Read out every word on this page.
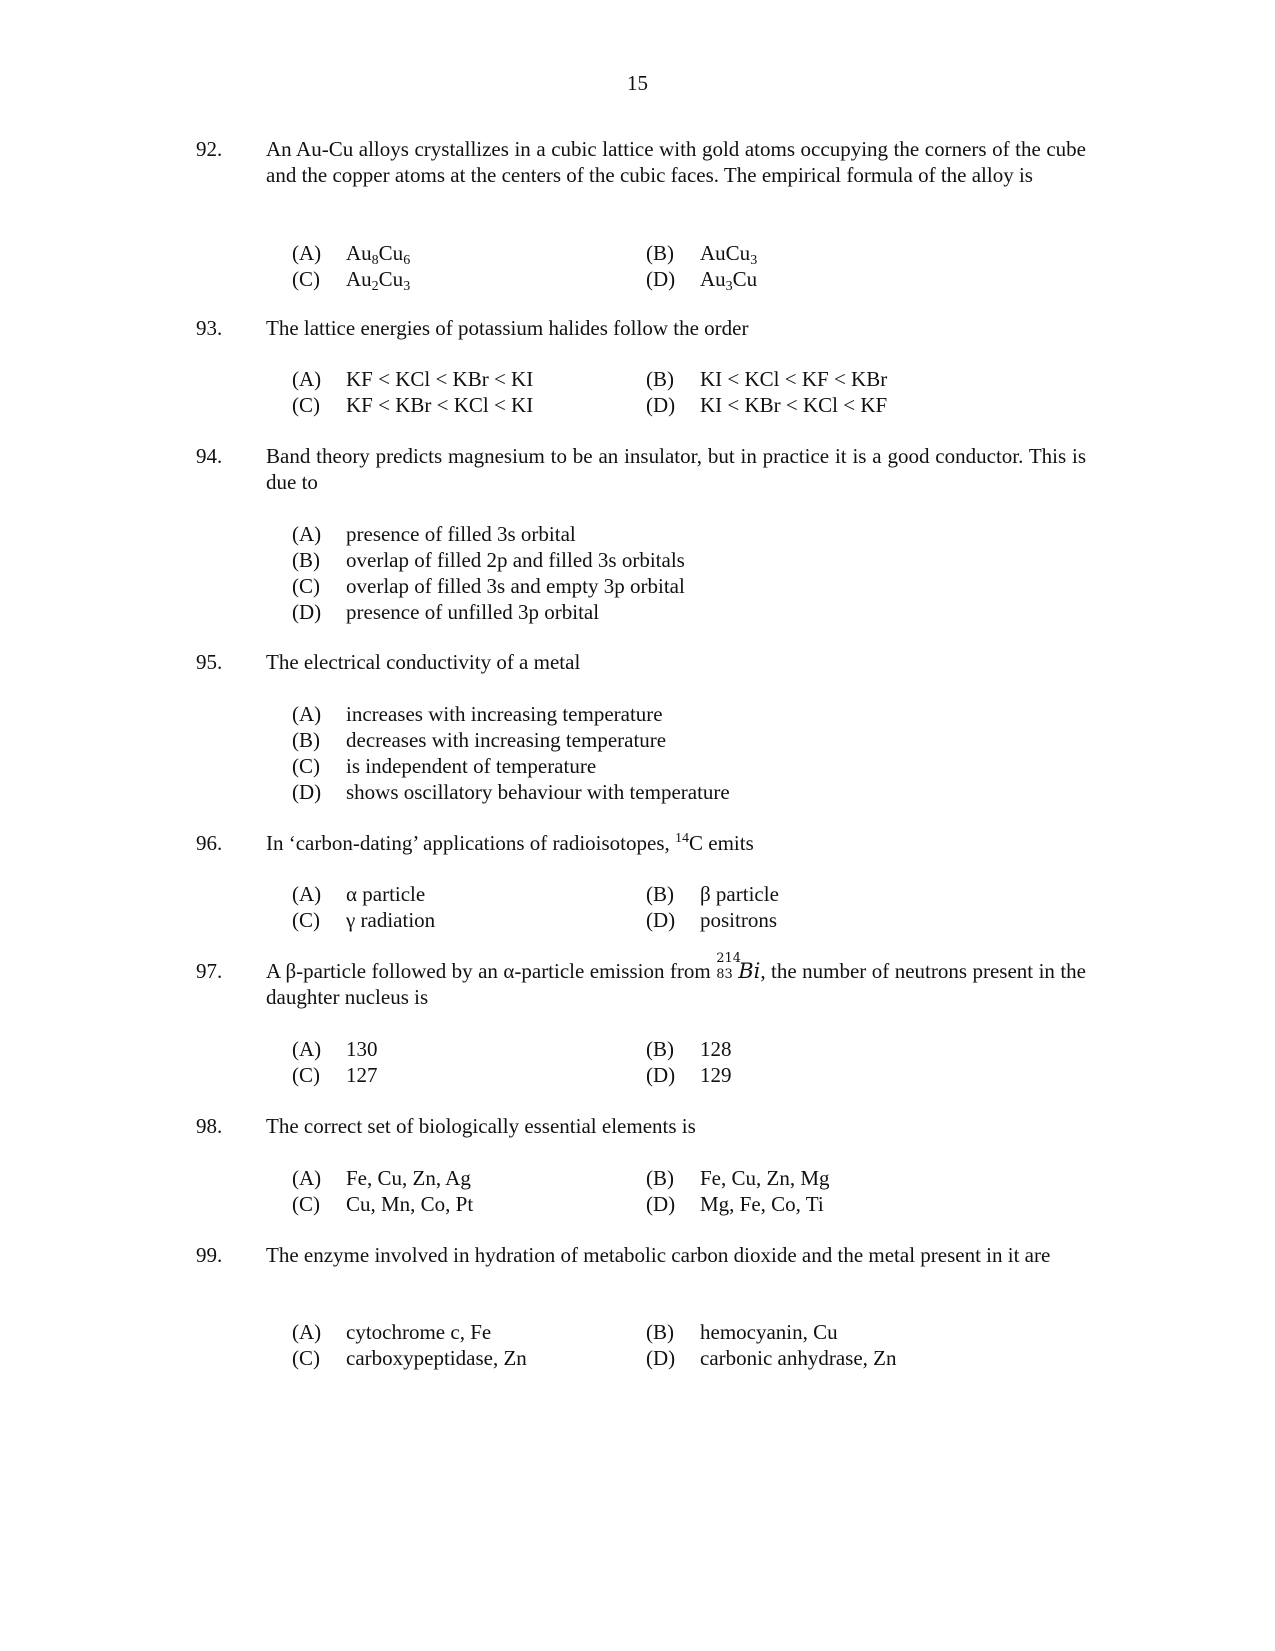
15
92.	An Au-Cu alloys crystallizes in a cubic lattice with gold atoms occupying the corners of the cube and the copper atoms at the centers of the cubic faces. The empirical formula of the alloy is
(A) $Au_8Cu_6$	(B) AuCu$_3$
(C) $Au_2Cu_3$	(D) $Au_3Cu$
93.	The lattice energies of potassium halides follow the order
(A) KF < KCl < KBr < KI	(B) KI < KCl < KF < KBr
(C) KF < KBr < KCl < KI	(D) KI < KBr < KCl < KF
94.	Band theory predicts magnesium to be an insulator, but in practice it is a good conductor. This is due to
(A) presence of filled 3s orbital
(B) overlap of filled 2p and filled 3s orbitals
(C) overlap of filled 3s and empty 3p orbital
(D) presence of unfilled 3p orbital
95.	The electrical conductivity of a metal
(A) increases with increasing temperature
(B) decreases with increasing temperature
(C) is independent of temperature
(D) shows oscillatory behaviour with temperature
96.	In ‘carbon-dating’ applications of radioisotopes, $^{14}$C emits
(A) α particle	(B) β particle
(C) γ radiation	(D) positrons
97.	A β-particle followed by an α-particle emission from
214
83 Bi, the number of neutrons present in the daughter nucleus is
(A) 130	(B) 128
(C) 127	(D) 129
98.	The correct set of biologically essential elements is
(A) Fe, Cu, Zn, Ag	(B) Fe, Cu, Zn, Mg
(C) Cu, Mn, Co, Pt	(D) Mg, Fe, Co, Ti
99.	The enzyme involved in hydration of metabolic carbon dioxide and the metal present in it are
(A) cytochrome c, Fe	(B) hemocyanin, Cu
(C) carboxypeptidase, Zn	(D) carbonic anhydrase, Zn
